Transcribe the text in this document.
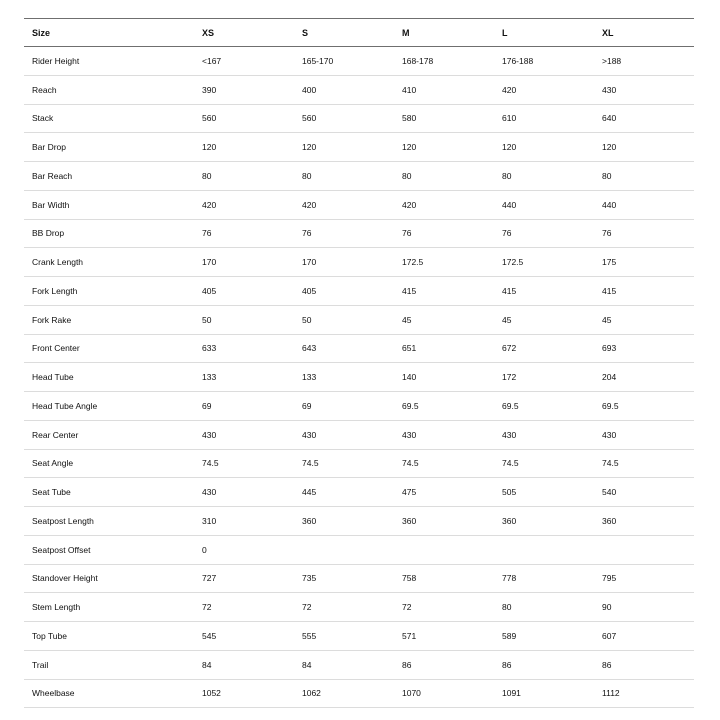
Size	XS	S	M	L	XL
Rider Height	<167	165-170	168-178	176-188	>188
Reach	390	400	410	420	430
Stack	560	560	580	610	640
Bar Drop	120	120	120	120	120
Bar Reach	80	80	80	80	80
Bar Width	420	420	420	440	440
BB Drop	76	76	76	76	76
Crank Length	170	170	172.5	172.5	175
Fork Length	405	405	415	415	415
Fork Rake	50	50	45	45	45
Front Center	633	643	651	672	693
Head Tube	133	133	140	172	204
Head Tube Angle	69	69	69.5	69.5	69.5
Rear Center	430	430	430	430	430
Seat Angle	74.5	74.5	74.5	74.5	74.5
Seat Tube	430	445	475	505	540
Seatpost Length	310	360	360	360	360
Seatpost Offset	0				
Standover Height	727	735	758	778	795
Stem Length	72	72	72	80	90
Top Tube	545	555	571	589	607
Trail	84	84	86	86	86
Wheelbase	1052	1062	1070	1091	1112
